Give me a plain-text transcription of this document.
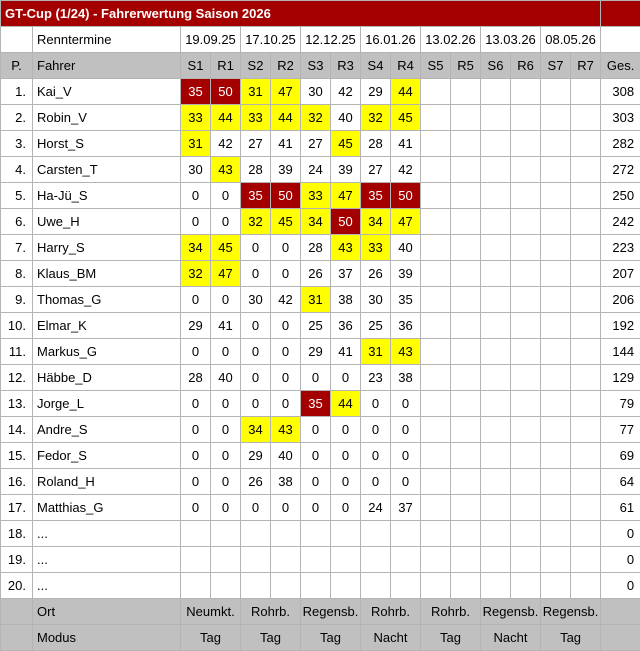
GT-Cup (1/24) - Fahrerwertung Saison 2026																
	Renntermine	19.09.25		17.10.25		12.12.25		16.01.26		13.02.26		13.03.26		08.05.26		
P.	Fahrer	S1	R1	S2	R2	S3	R3	S4	R4	S5	R5	S6	R6	S7	R7	Ges.
1.	Kai_V	35	50	31	47	30	42	29	44							308
2.	Robin_V	33	44	33	44	32	40	32	45							303
3.	Horst_S	31	42	27	41	27	45	28	41							282
4.	Carsten_T	30	43	28	39	24	39	27	42							272
5.	Ha-Jü_S	0	0	35	50	33	47	35	50							250
6.	Uwe_H	0	0	32	45	34	50	34	47							242
7.	Harry_S	34	45	0	0	28	43	33	40							223
8.	Klaus_BM	32	47	0	0	26	37	26	39							207
9.	Thomas_G	0	0	30	42	31	38	30	35							206
10.	Elmar_K	29	41	0	0	25	36	25	36							192
11.	Markus_G	0	0	0	0	29	41	31	43							144
12.	Häbbe_D	28	40	0	0	0	0	23	38							129
13.	Jorge_L	0	0	0	0	35	44	0	0							79
14.	Andre_S	0	0	34	43	0	0	0	0							77
15.	Fedor_S	0	0	29	40	0	0	0	0							69
16.	Roland_H	0	0	26	38	0	0	0	0							64
17.	Matthias_G	0	0	0	0	0	0	24	37							61
18.	...															0
19.	...															0
20.	...															0
	Ort	Neumkt.		Rohrb.		Regensb.		Rohrb.		Rohrb.		Regensb.		Regensb.		
	Modus	Tag		Tag		Tag		Nacht		Tag		Nacht		Tag		
